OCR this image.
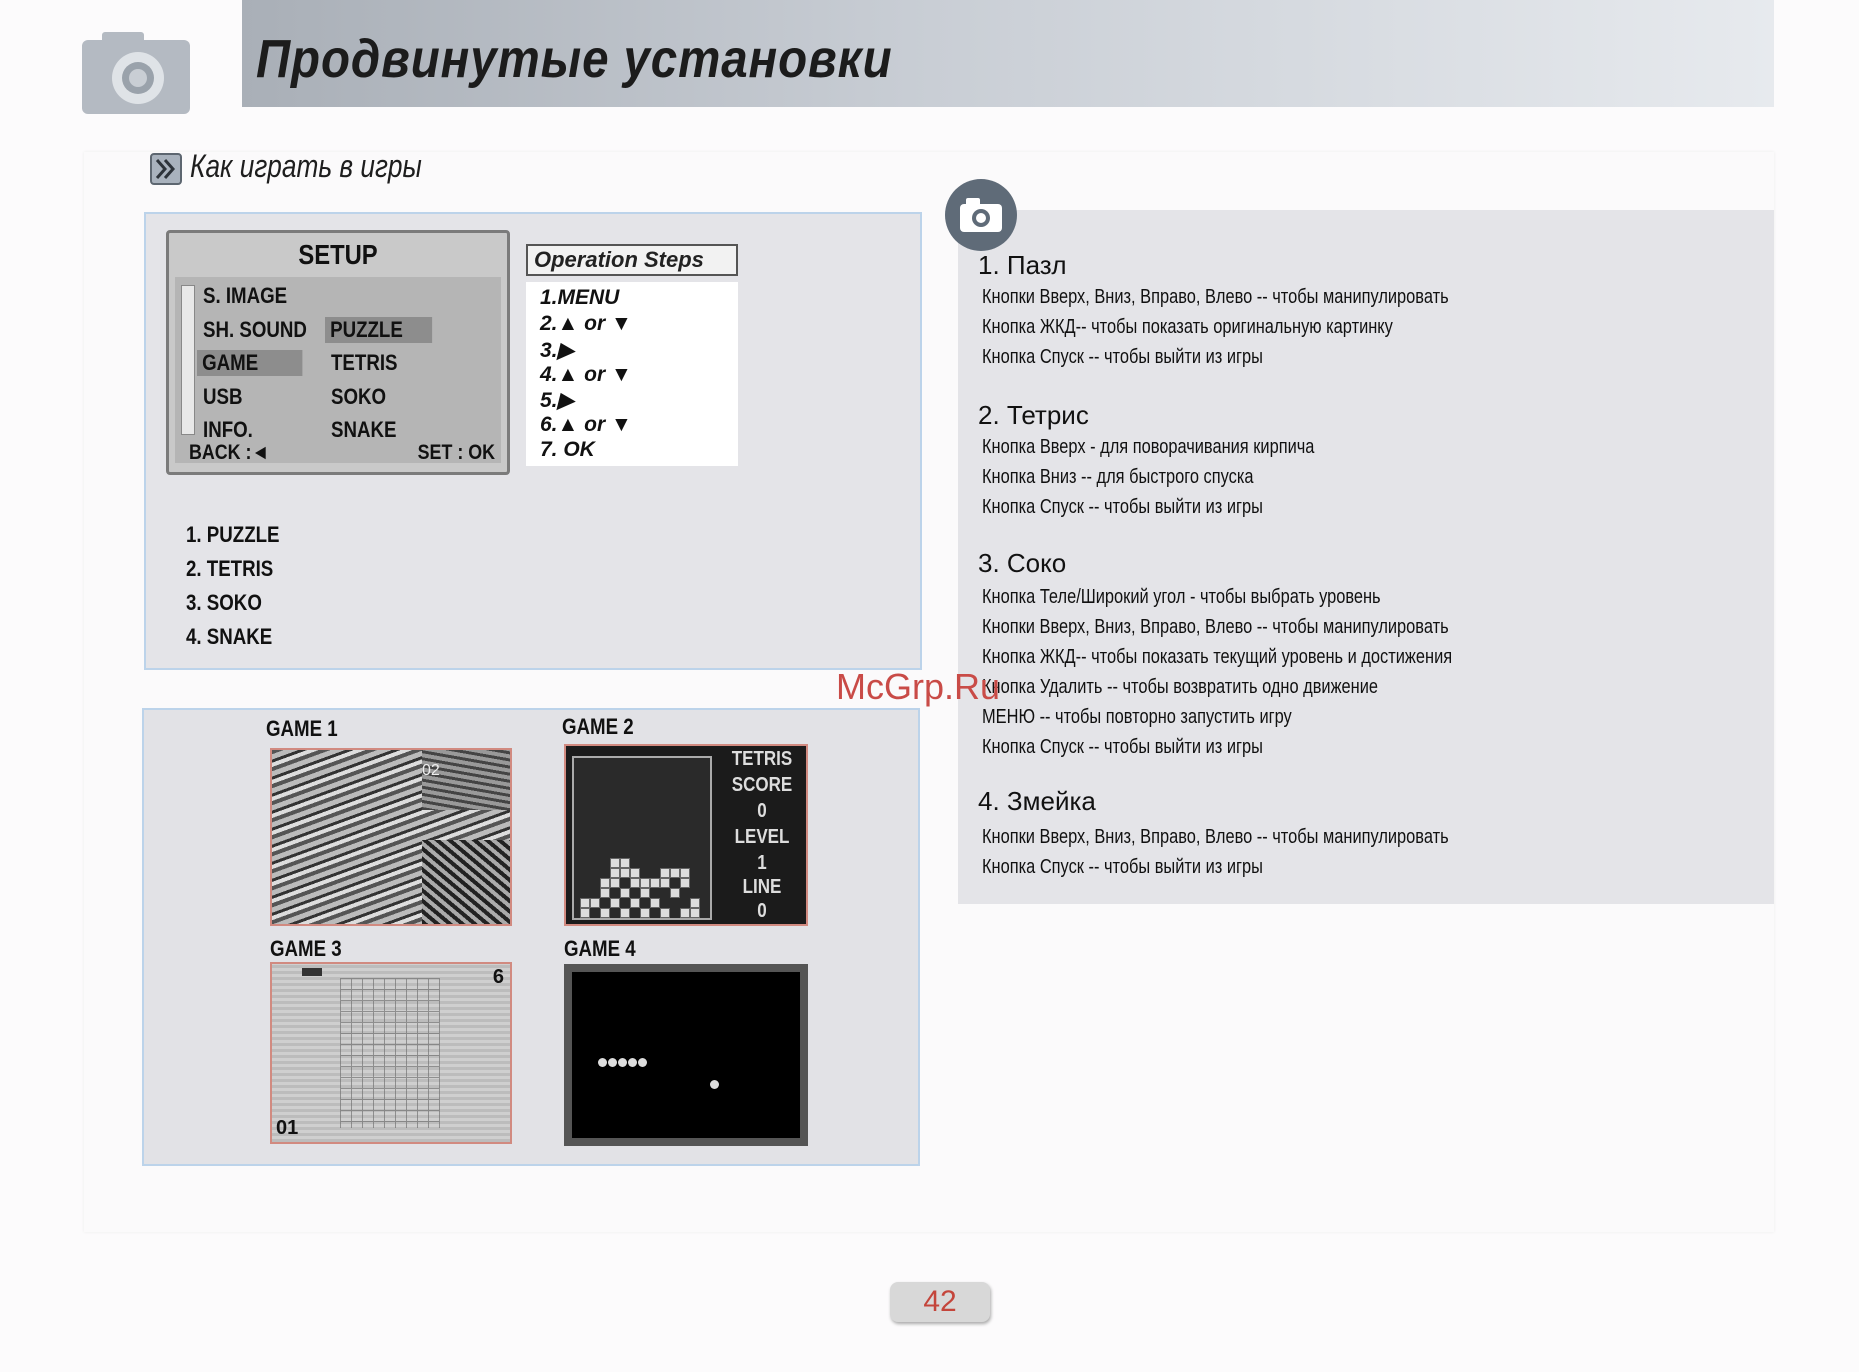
Продвинутые установки
Как играть в игры
SETUP
S. IMAGE
SH. SOUND
GAME
USB
INFO.
PUZZLE
TETRIS
SOKO
SNAKE
BACK :◄	SET : OK
Operation Steps
1.MENU
2.▲ or ▼
3.▶
4.▲ or ▼
5.▶
6.▲ or ▼
7. OK
1. PUZZLE
2. TETRIS
3. SOKO
4. SNAKE
GAME 1
02
GAME 2
TETRIS
SCORE
0
LEVEL
1
LINE
0
GAME 3
6
01
GAME 4
1. Пазл
Кнопки Вверх, Вниз, Вправо, Влево -- чтобы манипулировать
Кнопка ЖКД-- чтобы показать оригинальную картинку
Кнопка Спуск -- чтобы выйти из игры
2. Тетрис
Кнопка Вверх - для поворачивания кирпича
Кнопка Вниз -- для быстрого спуска
Кнопка Спуск -- чтобы выйти из игры
3. Соко
Кнопка Теле/Широкий угол - чтобы выбрать уровень
Кнопки Вверх, Вниз, Вправо, Влево -- чтобы манипулировать
Кнопка ЖКД-- чтобы показать текущий уровень и достижения
Кнопка Удалить -- чтобы возвратить одно движение
МЕНЮ -- чтобы повторно запустить игру
Кнопка Спуск -- чтобы выйти из игры
4. Змейка
Кнопки Вверх, Вниз, Вправо, Влево -- чтобы манипулировать
Кнопка Спуск -- чтобы выйти из игры
McGrp.Ru
42
